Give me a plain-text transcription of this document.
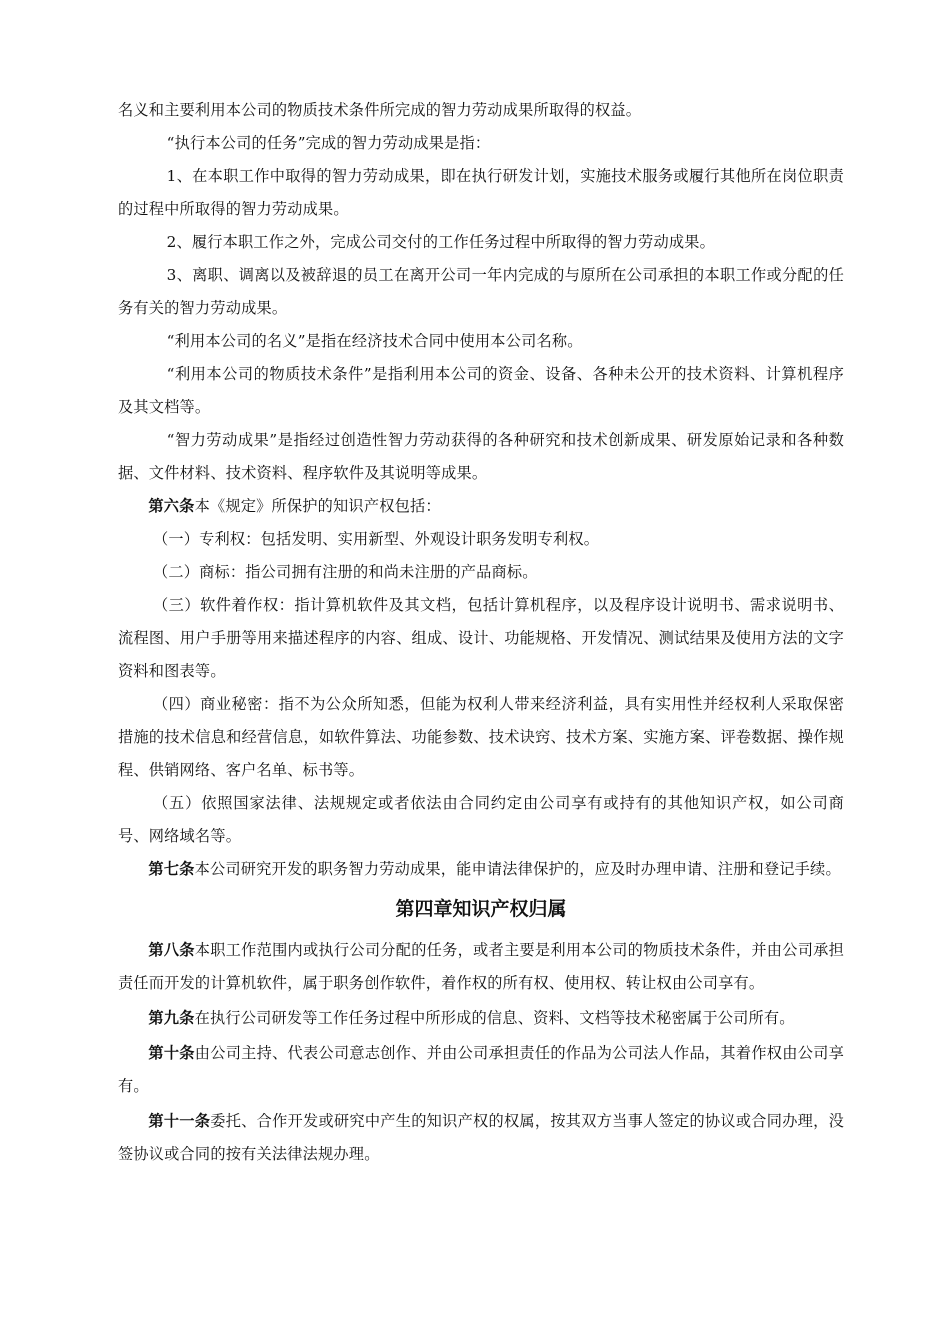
名义和主要利用本公司的物质技术条件所完成的智力劳动成果所取得的权益。

“执行本公司的任务”完成的智力劳动成果是指：

1、在本职工作中取得的智力劳动成果，即在执行研发计划，实施技术服务或履行其他所在岗位职责的过程中所取得的智力劳动成果。

2、履行本职工作之外，完成公司交付的工作任务过程中所取得的智力劳动成果。

3、离职、调离以及被辞退的员工在离开公司一年内完成的与原所在公司承担的本职工作或分配的任务有关的智力劳动成果。

“利用本公司的名义”是指在经济技术合同中使用本公司名称。

“利用本公司的物质技术条件”是指利用本公司的资金、设备、各种未公开的技术资料、计算机程序及其文档等。

“智力劳动成果”是指经过创造性智力劳动获得的各种研究和技术创新成果、研发原始记录和各种数据、文件材料、技术资料、程序软件及其说明等成果。

第六条本《规定》所保护的知识产权包括：

（一）专利权：包括发明、实用新型、外观设计职务发明专利权。

（二）商标：指公司拥有注册的和尚未注册的产品商标。

（三）软件着作权：指计算机软件及其文档，包括计算机程序，以及程序设计说明书、需求说明书、流程图、用户手册等用来描述程序的内容、组成、设计、功能规格、开发情况、测试结果及使用方法的文字资料和图表等。

（四）商业秘密：指不为公众所知悉，但能为权利人带来经济利益，具有实用性并经权利人采取保密措施的技术信息和经营信息，如软件算法、功能参数、技术诀窍、技术方案、实施方案、评卷数据、操作规程、供销网络、客户名单、标书等。

（五）依照国家法律、法规规定或者依法由合同约定由公司享有或持有的其他知识产权，如公司商号、网络域名等。

第七条本公司研究开发的职务智力劳动成果，能申请法律保护的，应及时办理申请、注册和登记手续。

第四章知识产权归属

第八条本职工作范围内或执行公司分配的任务，或者主要是利用本公司的物质技术条件，并由公司承担责任而开发的计算机软件，属于职务创作软件，着作权的所有权、使用权、转让权由公司享有。

第九条在执行公司研发等工作任务过程中所形成的信息、资料、文档等技术秘密属于公司所有。

第十条由公司主持、代表公司意志创作、并由公司承担责任的作品为公司法人作品，其着作权由公司享有。

第十一条委托、合作开发或研究中产生的知识产权的权属，按其双方当事人签定的协议或合同办理，没签协议或合同的按有关法律法规办理。
